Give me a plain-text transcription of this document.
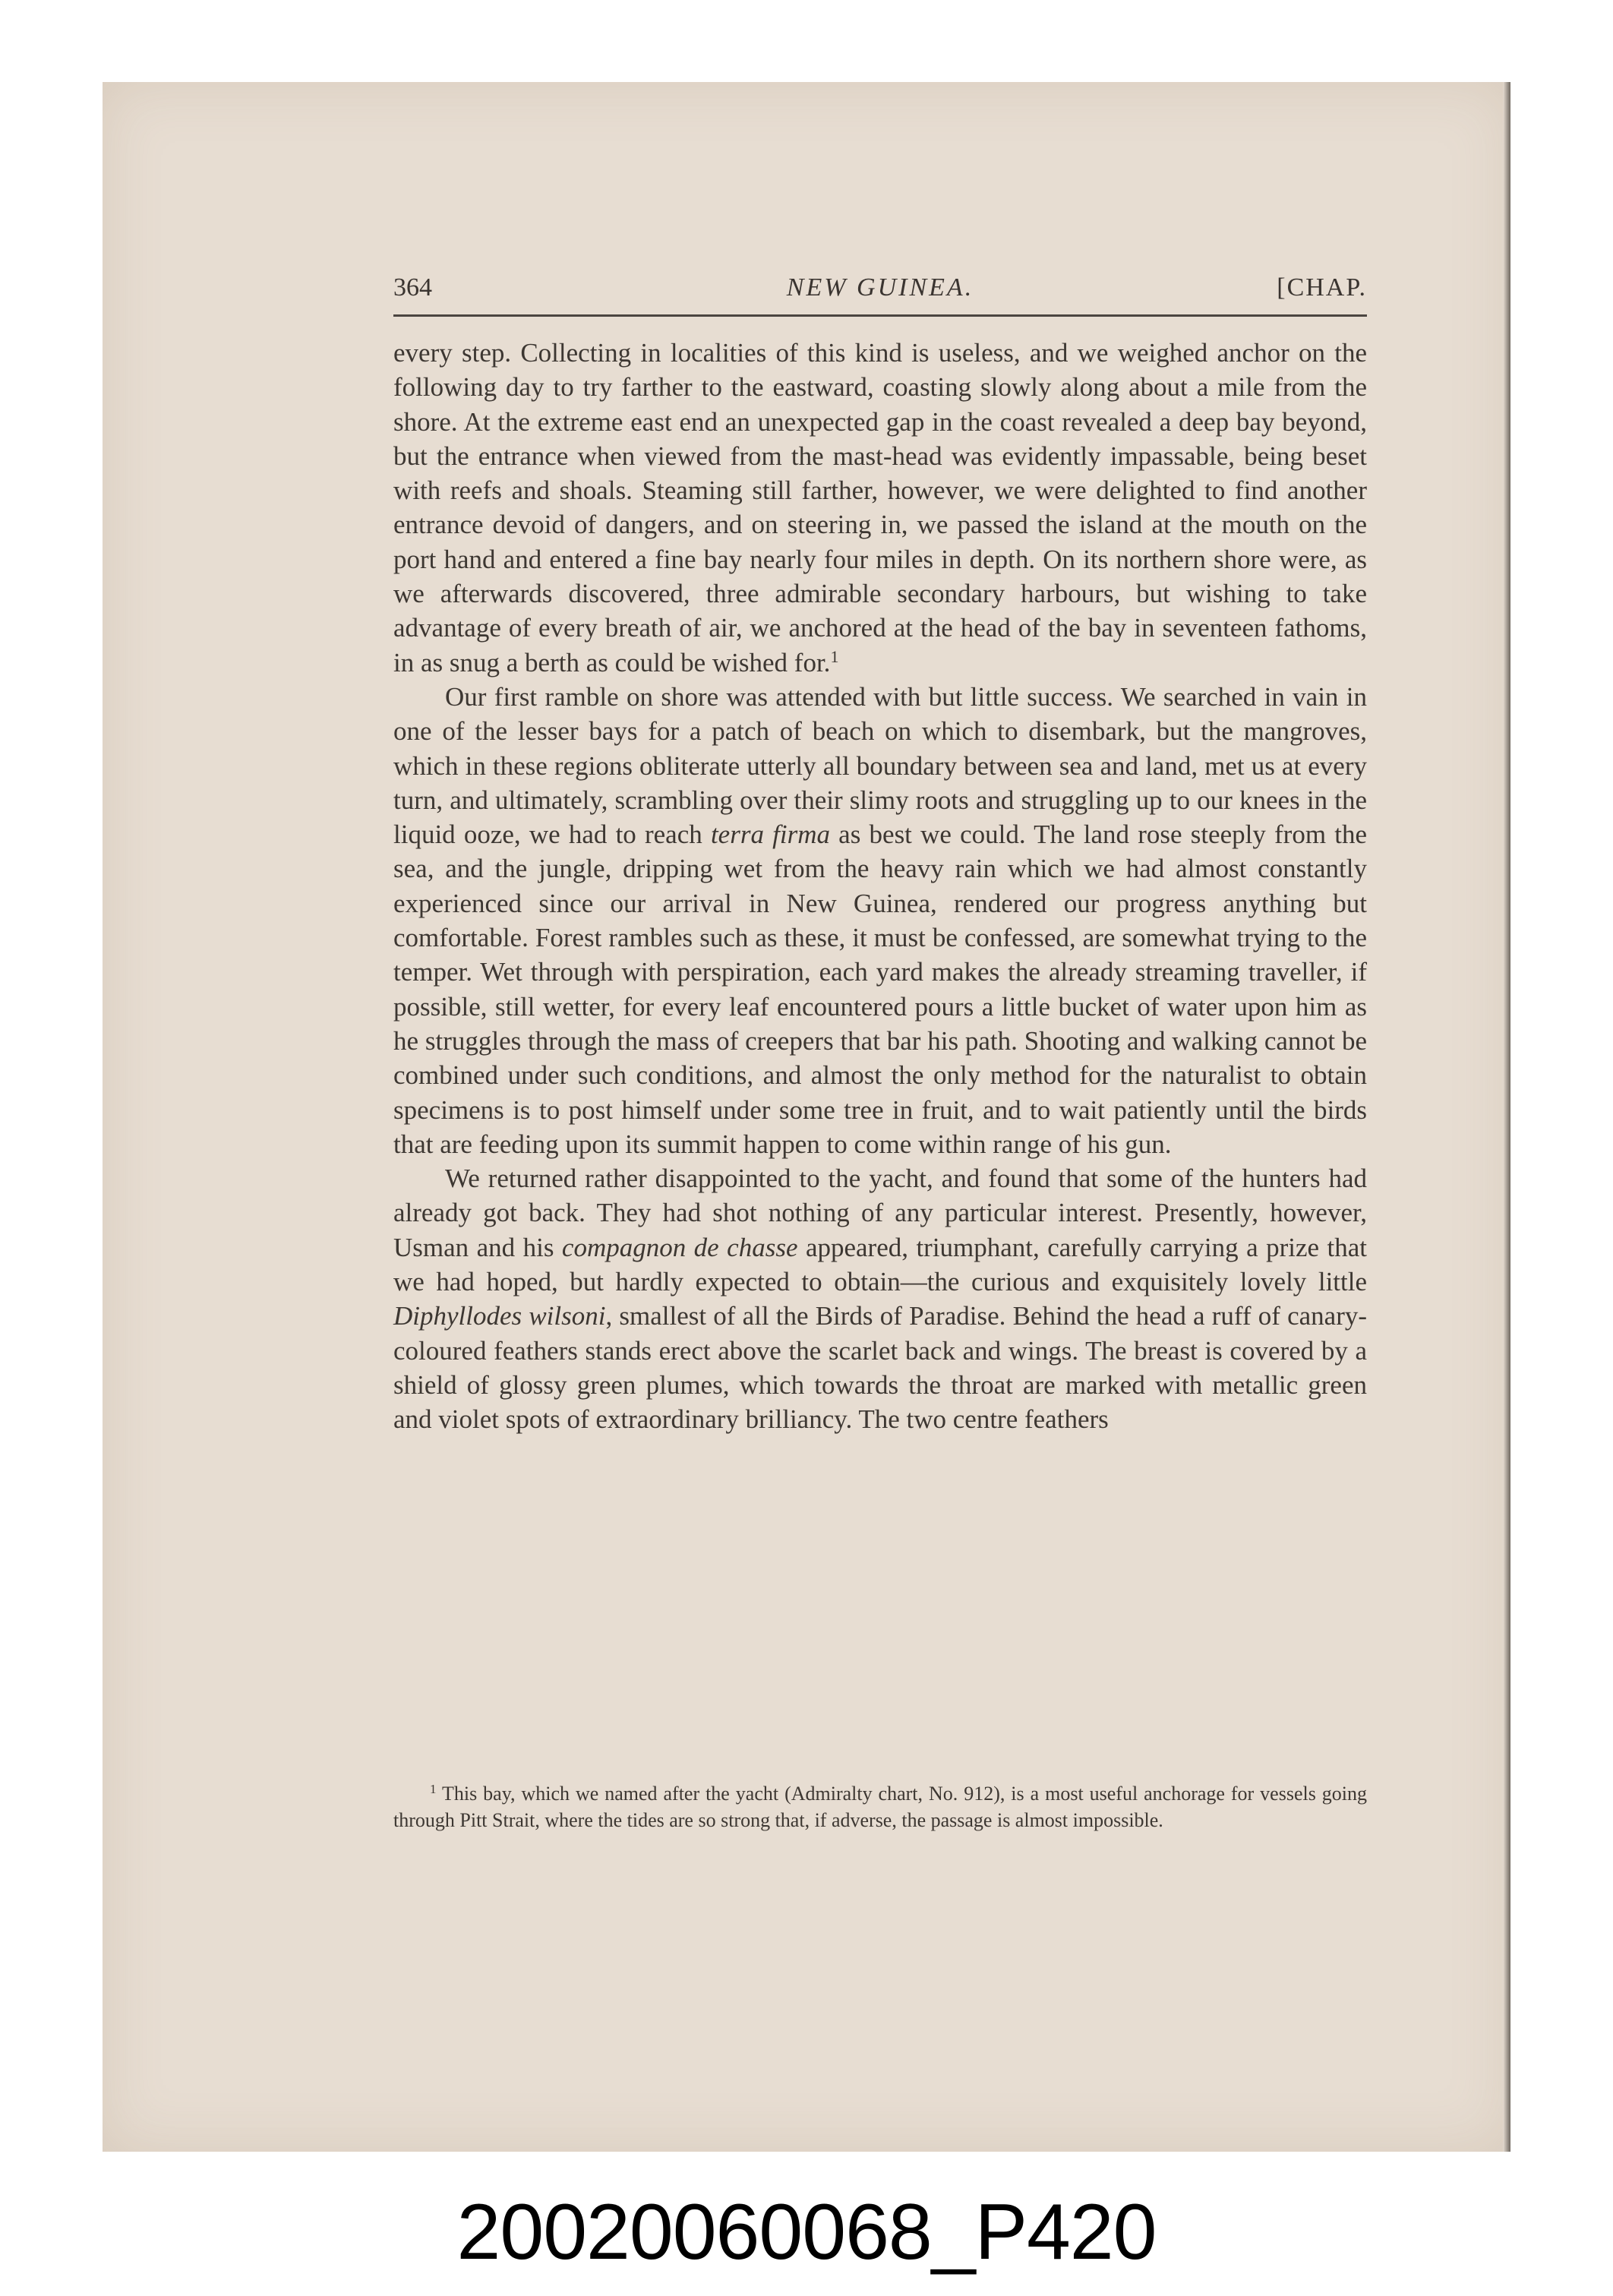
364	NEW GUINEA.	[CHAP.

every step. Collecting in localities of this kind is useless, and we weighed anchor on the following day to try farther to the eastward, coasting slowly along about a mile from the shore. At the extreme east end an unexpected gap in the coast revealed a deep bay beyond, but the entrance when viewed from the mast-head was evidently impassable, being beset with reefs and shoals. Steaming still farther, however, we were delighted to find another entrance devoid of dangers, and on steering in, we passed the island at the mouth on the port hand and entered a fine bay nearly four miles in depth. On its northern shore were, as we afterwards discovered, three admirable secondary harbours, but wishing to take advantage of every breath of air, we anchored at the head of the bay in seventeen fathoms, in as snug a berth as could be wished for.$^1$

Our first ramble on shore was attended with but little success. We searched in vain in one of the lesser bays for a patch of beach on which to disembark, but the mangroves, which in these regions obliterate utterly all boundary between sea and land, met us at every turn, and ultimately, scrambling over their slimy roots and struggling up to our knees in the liquid ooze, we had to reach terra firma as best we could. The land rose steeply from the sea, and the jungle, dripping wet from the heavy rain which we had almost constantly experienced since our arrival in New Guinea, rendered our progress anything but comfortable. Forest rambles such as these, it must be confessed, are somewhat trying to the temper. Wet through with perspiration, each yard makes the already streaming traveller, if possible, still wetter, for every leaf encountered pours a little bucket of water upon him as he struggles through the mass of creepers that bar his path. Shooting and walking cannot be combined under such conditions, and almost the only method for the naturalist to obtain specimens is to post himself under some tree in fruit, and to wait patiently until the birds that are feeding upon its summit happen to come within range of his gun.

We returned rather disappointed to the yacht, and found that some of the hunters had already got back. They had shot nothing of any particular interest. Presently, however, Usman and his compagnon de chasse appeared, triumphant, carefully carrying a prize that we had hoped, but hardly expected to obtain—the curious and exquisitely lovely little Diphyllodes wilsoni, smallest of all the Birds of Paradise. Behind the head a ruff of canary-coloured feathers stands erect above the scarlet back and wings. The breast is covered by a shield of glossy green plumes, which towards the throat are marked with metallic green and violet spots of extraordinary brilliancy. The two centre feathers

$^1$ This bay, which we named after the yacht (Admiralty chart, No. 912), is a most useful anchorage for vessels going through Pitt Strait, where the tides are so strong that, if adverse, the passage is almost impossible.
20020060068_P420
